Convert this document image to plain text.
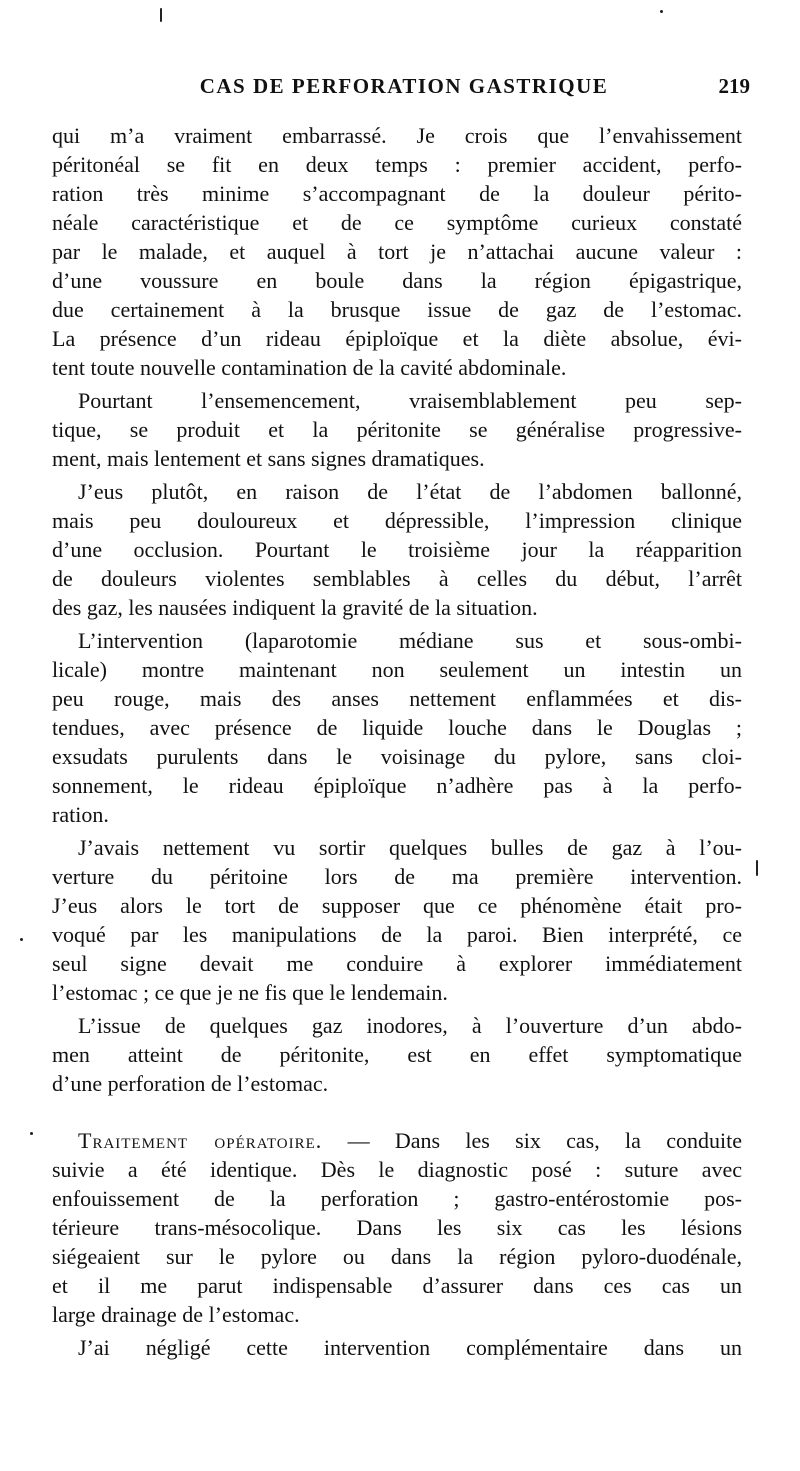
CAS DE PERFORATION GASTRIQUE	219
qui m’a vraiment embarrassé. Je crois que l’envahissement
péritonéal se fit en deux temps : premier accident, perfo-
ration très minime s’accompagnant de la douleur périto-
néale caractéristique et de ce symptôme curieux constaté
par le malade, et auquel à tort je n’attachai aucune valeur :
d’une voussure en boule dans la région épigastrique,
due certainement à la brusque issue de gaz de l’estomac.
La présence d’un rideau épiploïque et la diète absolue, évi-
tent toute nouvelle contamination de la cavité abdominale.
Pourtant l’ensemencement, vraisemblablement peu sep-
tique, se produit et la péritonite se généralise progressive-
ment, mais lentement et sans signes dramatiques.
J’eus plutôt, en raison de l’état de l’abdomen ballonné,
mais peu douloureux et dépressible, l’impression clinique
d’une occlusion. Pourtant le troisième jour la réapparition
de douleurs violentes semblables à celles du début, l’arrêt
des gaz, les nausées indiquent la gravité de la situation.
L’intervention (laparotomie médiane sus et sous-ombi-
licale) montre maintenant non seulement un intestin un
peu rouge, mais des anses nettement enflammées et dis-
tendues, avec présence de liquide louche dans le Douglas ;
exsudats purulents dans le voisinage du pylore, sans cloi-
sonnement, le rideau épiploïque n’adhère pas à la perfo-
ration.
J’avais nettement vu sortir quelques bulles de gaz à l’ou-
verture du péritoine lors de ma première intervention.
J’eus alors le tort de supposer que ce phénomène était pro-
voqué par les manipulations de la paroi. Bien interprété, ce
seul signe devait me conduire à explorer immédiatement
l’estomac ; ce que je ne fis que le lendemain.
L’issue de quelques gaz inodores, à l’ouverture d’un abdo-
men atteint de péritonite, est en effet symptomatique
d’une perforation de l’estomac.
Traitement opératoire. — Dans les six cas, la conduite
suivie a été identique. Dès le diagnostic posé : suture avec
enfouissement de la perforation ; gastro-entérostomie pos-
térieure trans-mésocolique. Dans les six cas les lésions
siégeaient sur le pylore ou dans la région pyloro-duodénale,
et il me parut indispensable d’assurer dans ces cas un
large drainage de l’estomac.
J’ai négligé cette intervention complémentaire dans un
